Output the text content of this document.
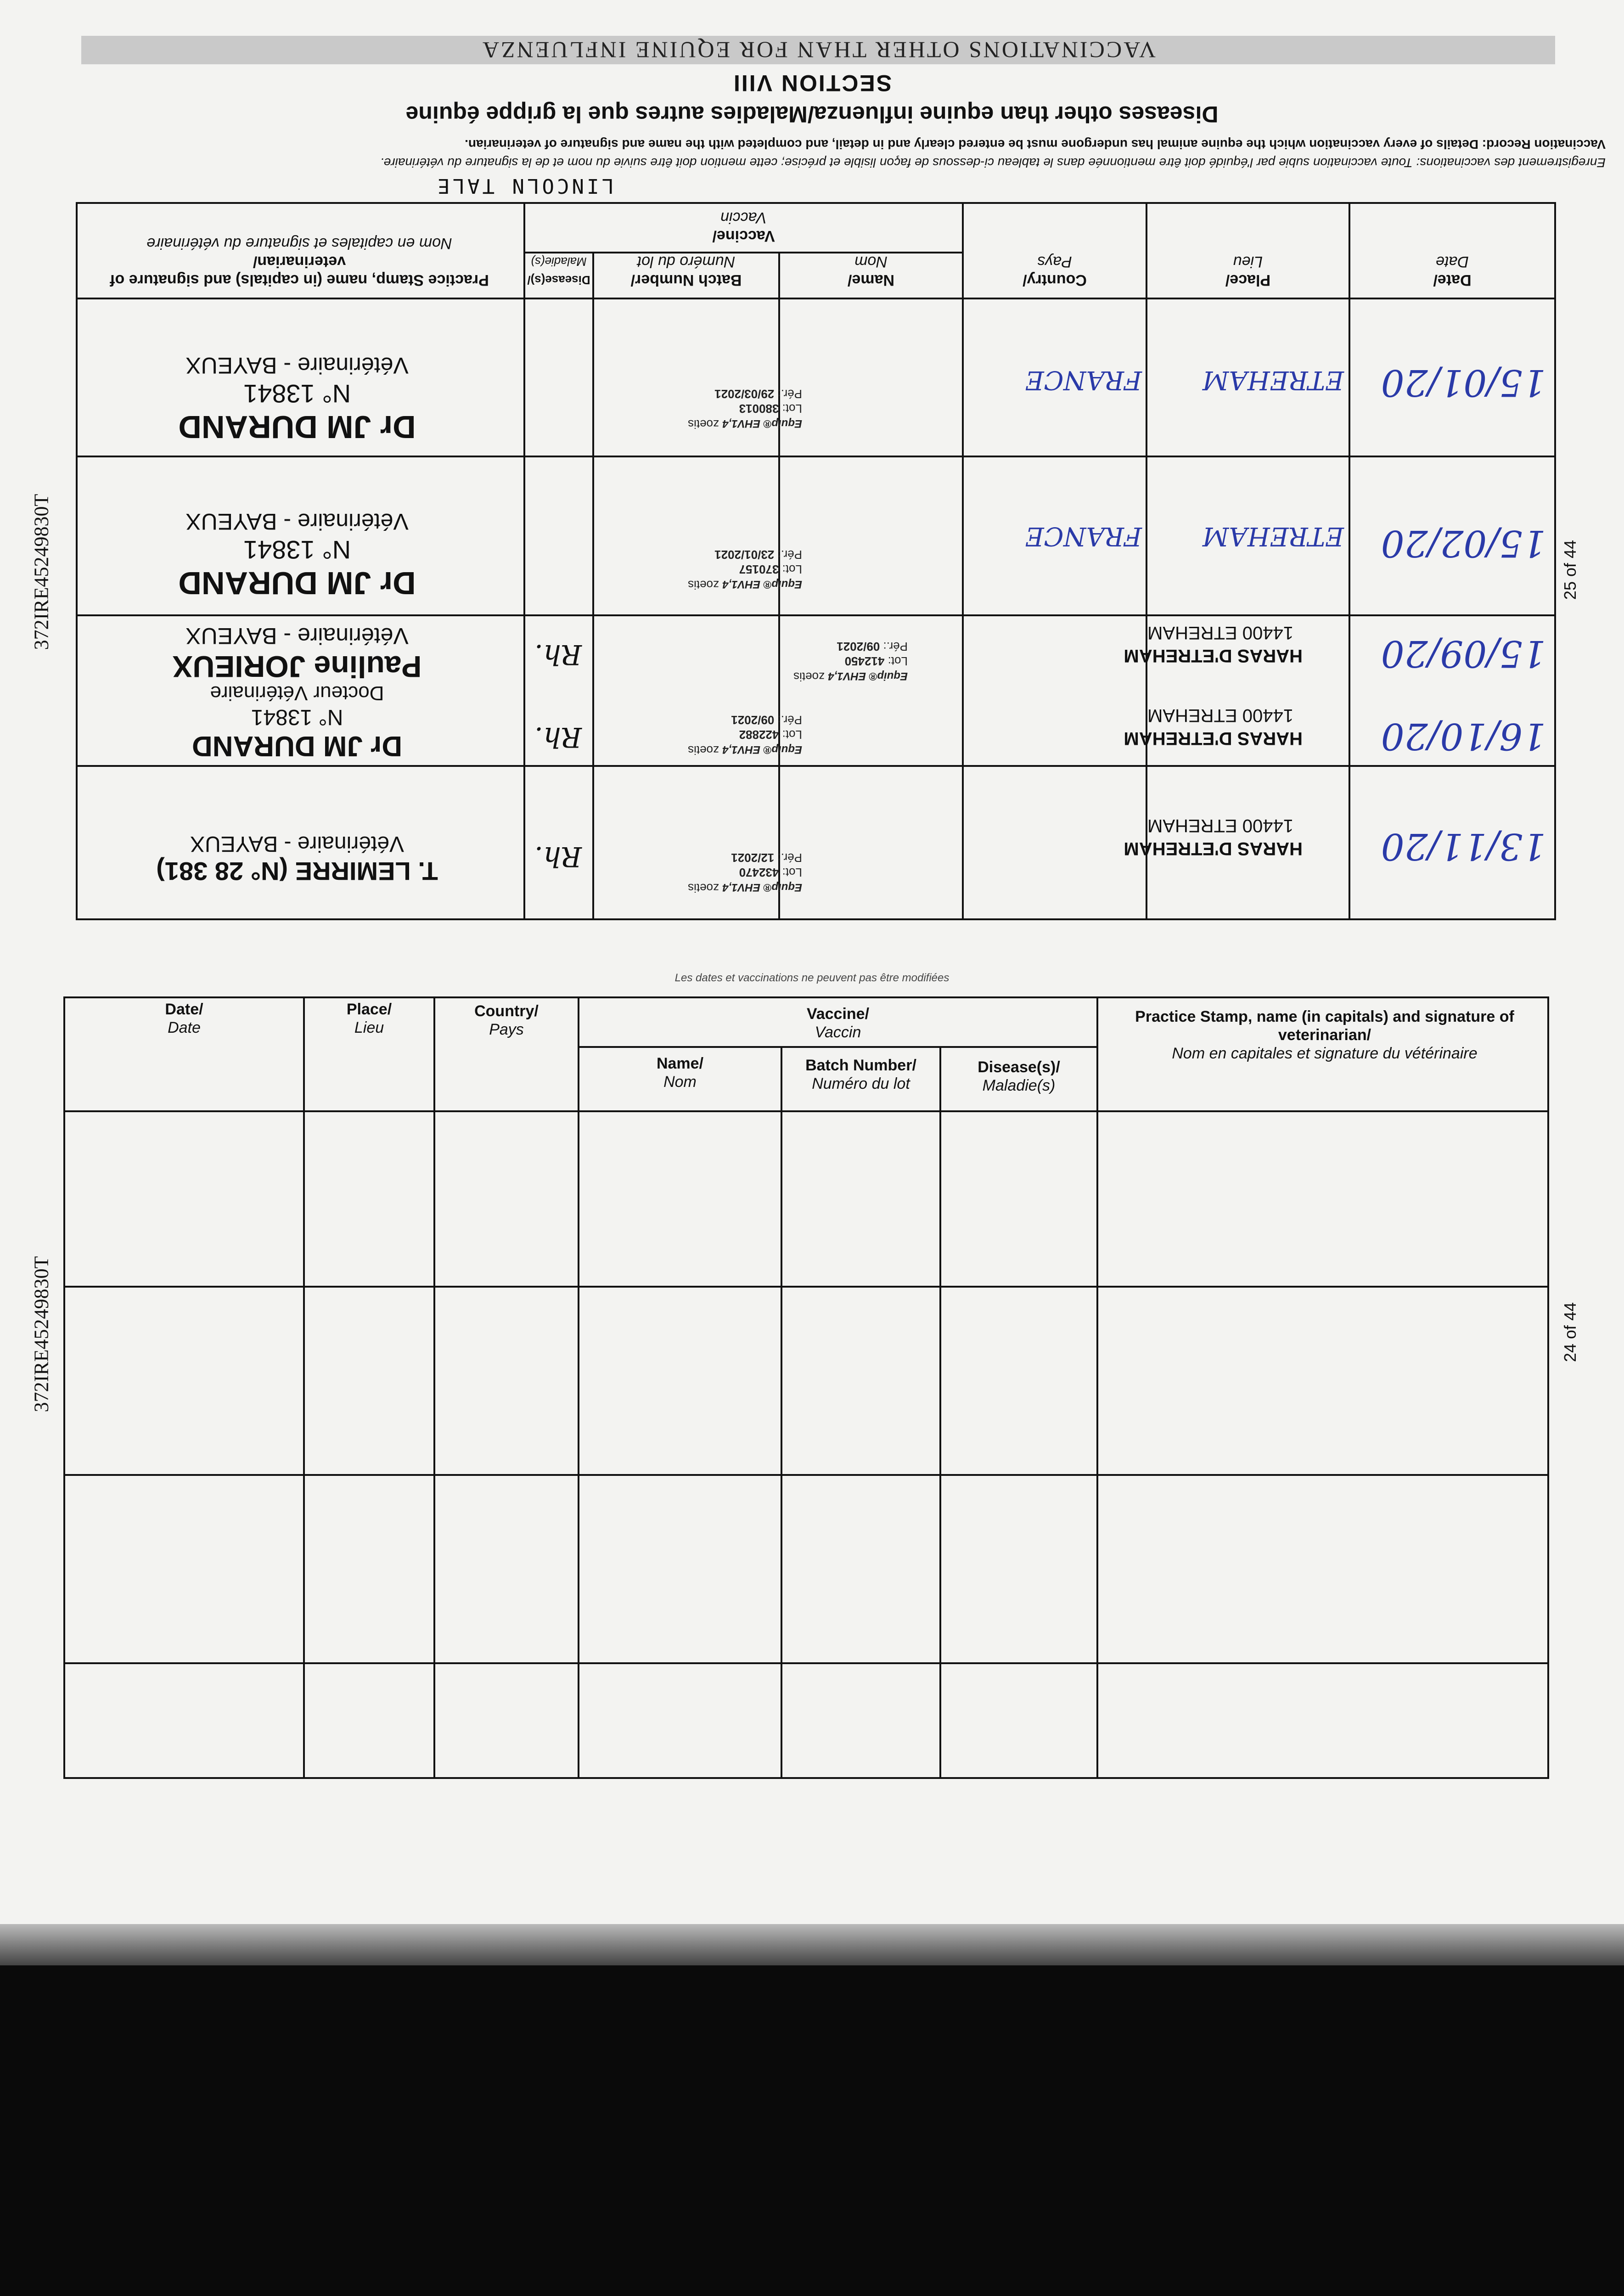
VACCINATIONS OTHER THAN FOR EQUINE INFLUENZA
SECTION VIII
Diseases other than equine influenza/Maladies autres que la grippe équine
Vaccination Record: Details of every vaccination which the equine animal has undergone must be entered clearly and in detail, and completed with the name and signature of veterinarian.
Enregistrement des vaccinations: Toute vaccination subie par l'équidé doit être mentionnée dans le tableau ci-dessous de façon lisible et précise; cette mention doit être suivie du nom et de la signature du vétérinaire.
LINCOLN TALE
Date/
Date
Place/
Lieu
Country/
Pays
Vaccine/
Vaccin
Name/
Nom
Batch Number/
Numéro du lot
Disease(s)/
Maladie(s)
Practice Stamp, name (in capitals) and signature of veterinarian/
Nom en capitales et signature du vétérinaire
15/01/20
ETREHAM
FRANCE
Equip® EHV1,4 zoetis
Lot: 380013
Pér.: 29/03/2021
Dr JM DURAND
N° 13841
Vétérinaire - BAYEUX
15/02/20
ETREHAM
FRANCE
Equip® EHV1,4 zoetis
Lot: 370157
Pér.: 23/01/2021
Dr JM DURAND
N° 13841
Vétérinaire - BAYEUX
15/09/20
HARAS D'ETREHAM
14400 ETREHAM
Equip® EHV1,4 zoetis
Lot: 412450
Pér.: 09/2021
Rh.
Pauline JORIEUX
Vétérinaire - BAYEUX
16/10/20
HARAS D'ETREHAM
14400 ETREHAM
Equip® EHV1,4 zoetis
Lot: 422882
Pér.: 09/2021
Rh.
Dr JM DURAND
N° 13841
Docteur Vétérinaire
13/11/20
HARAS D'ETREHAM
14400 ETREHAM
Equip® EHV1,4 zoetis
Lot: 432470
Pér.: 12/2021
Rh.
T. LEMIRRE (N° 28 381)
Vétérinaire - BAYEUX
372IRE45249830T	25 of 44
Les dates et vaccinations ne peuvent pas être modifiées
Date/
Date
Place/
Lieu
Country/
Pays
Vaccine/
Vaccin
Name/
Nom
Batch Number/
Numéro du lot
Disease(s)/
Maladie(s)
Practice Stamp, name (in capitals) and signature of veterinarian/
Nom en capitales et signature du vétérinaire
372IRE45249830T	24 of 44
